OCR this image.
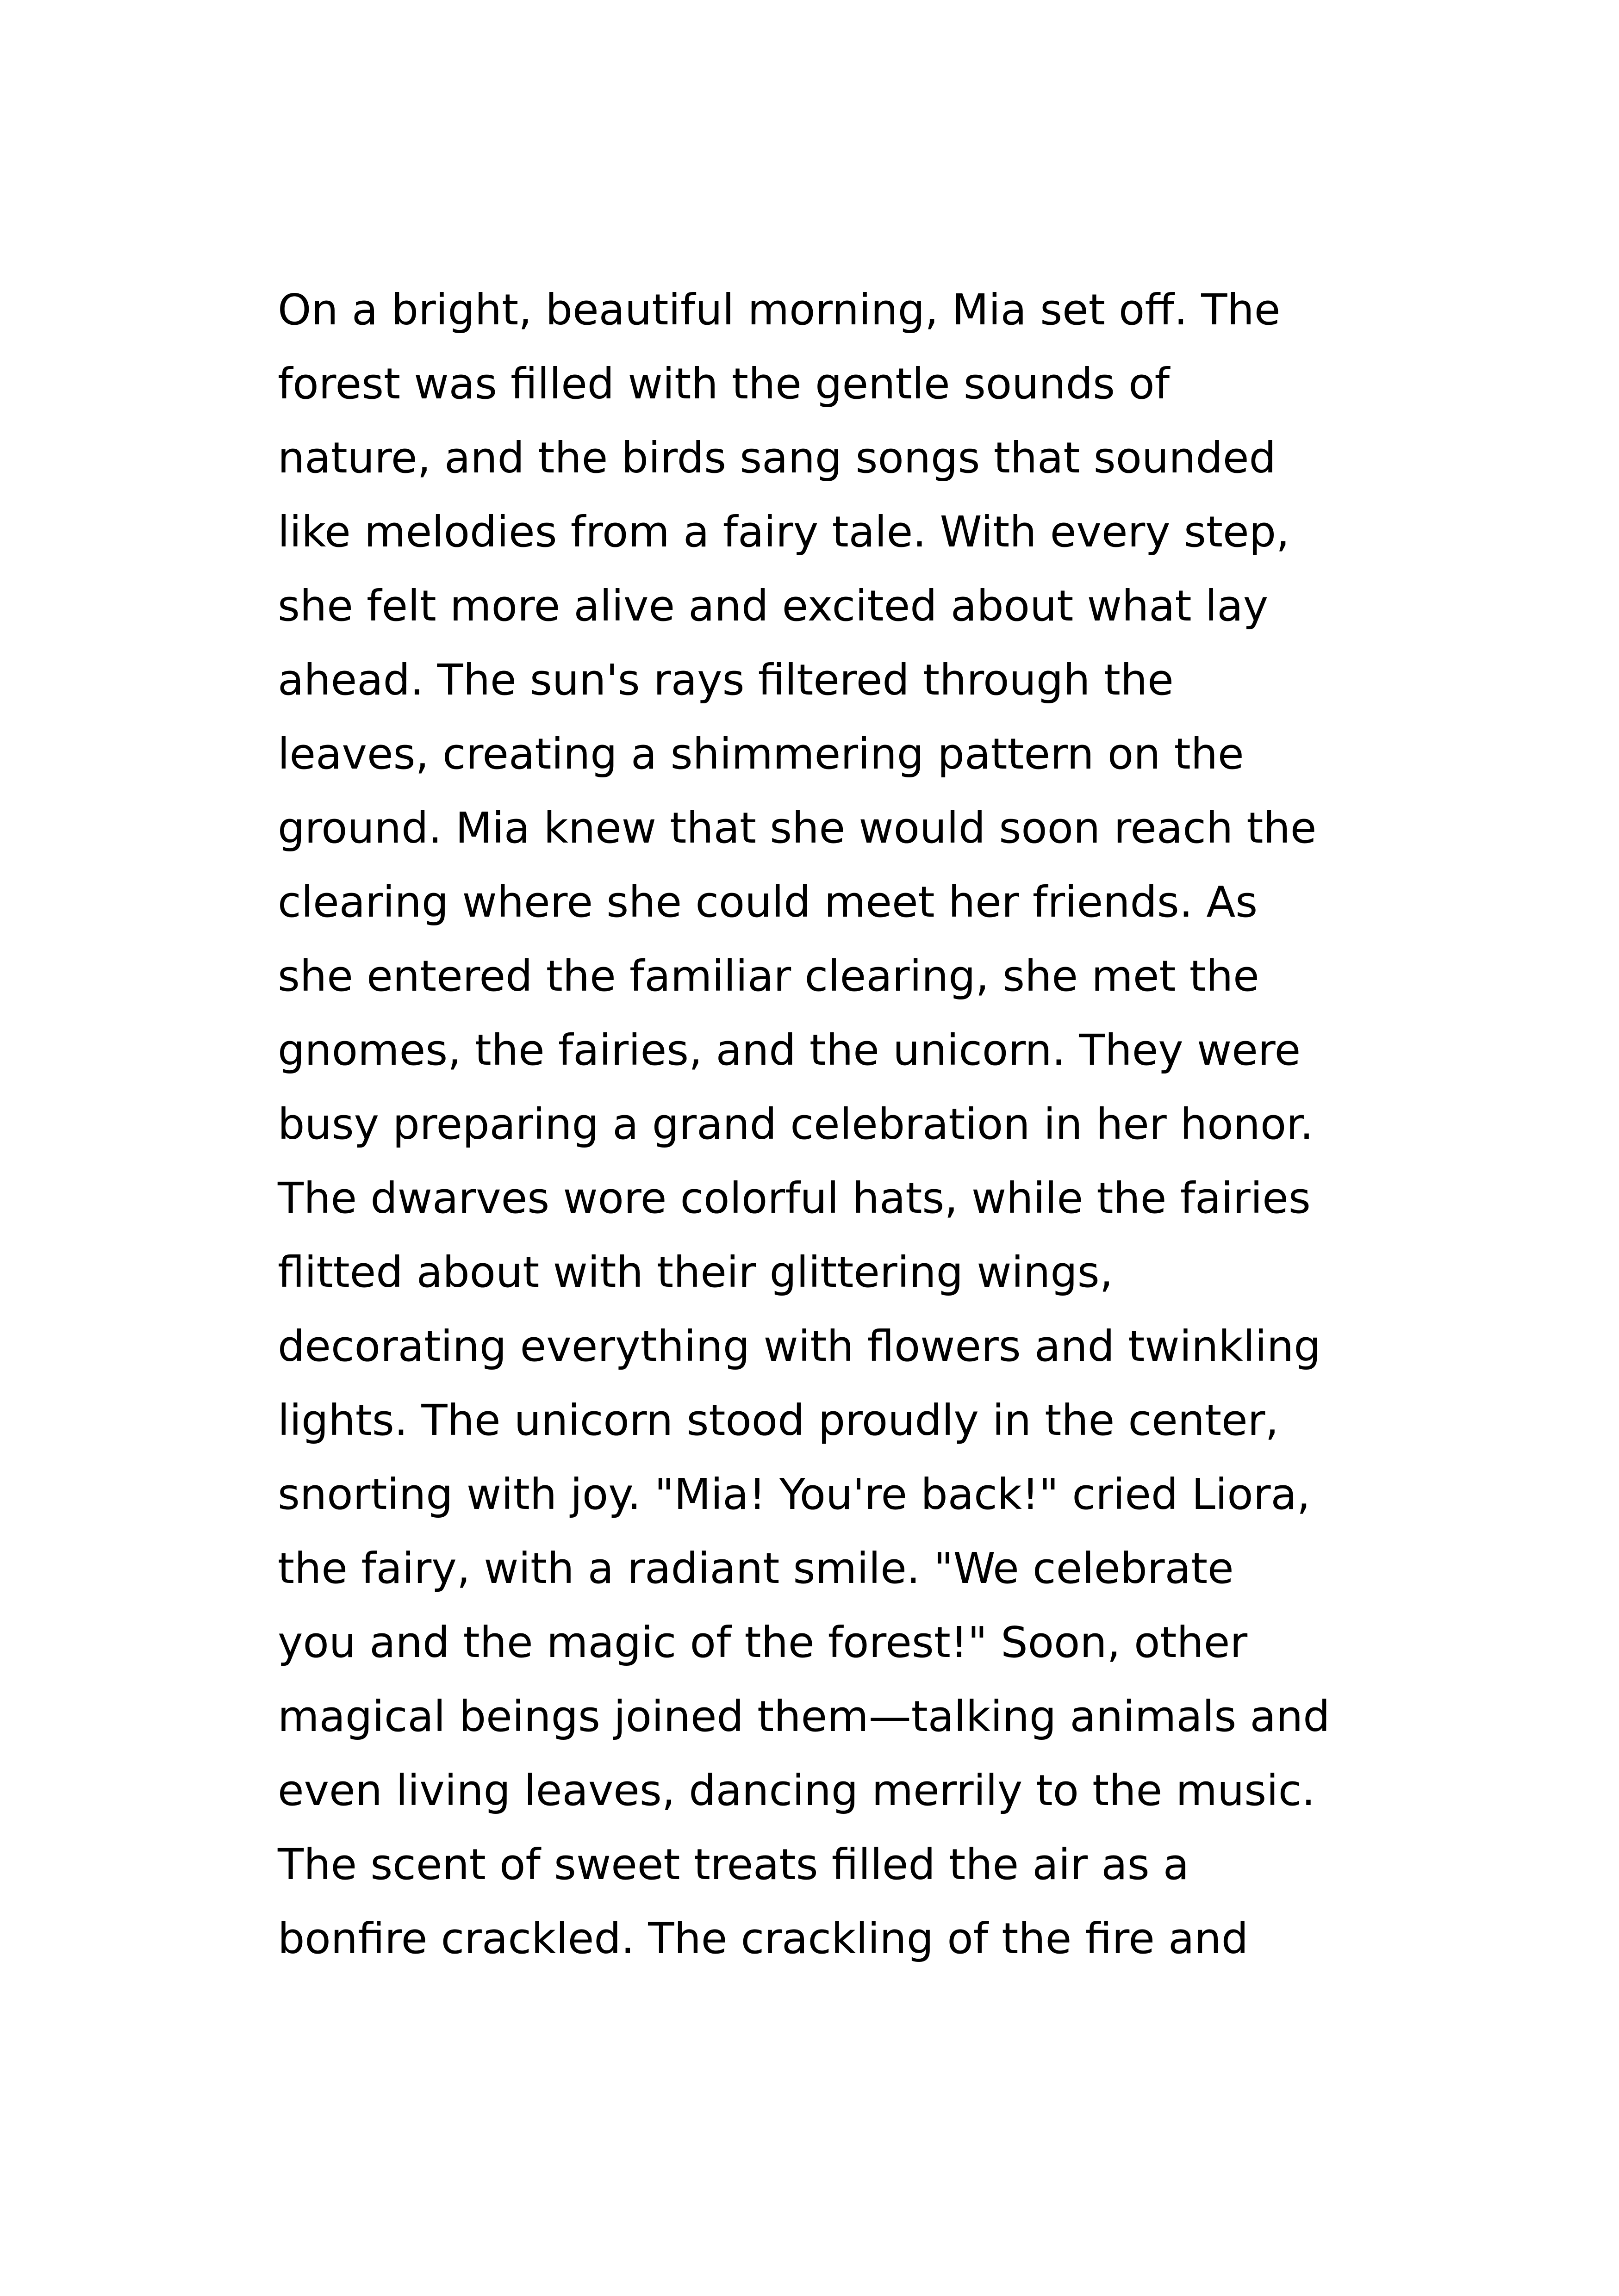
On a bright, beautiful morning, Mia set off. The
forest was filled with the gentle sounds of
nature, and the birds sang songs that sounded
like melodies from a fairy tale. With every step,
she felt more alive and excited about what lay
ahead. The sun's rays filtered through the
leaves, creating a shimmering pattern on the
ground. Mia knew that she would soon reach the
clearing where she could meet her friends. As
she entered the familiar clearing, she met the
gnomes, the fairies, and the unicorn. They were
busy preparing a grand celebration in her honor.
The dwarves wore colorful hats, while the fairies
flitted about with their glittering wings,
decorating everything with flowers and twinkling
lights. The unicorn stood proudly in the center,
snorting with joy. "Mia! You're back!" cried Liora,
the fairy, with a radiant smile. "We celebrate
you and the magic of the forest!" Soon, other
magical beings joined them—talking animals and
even living leaves, dancing merrily to the music.
The scent of sweet treats filled the air as a
bonfire crackled. The crackling of the fire and
